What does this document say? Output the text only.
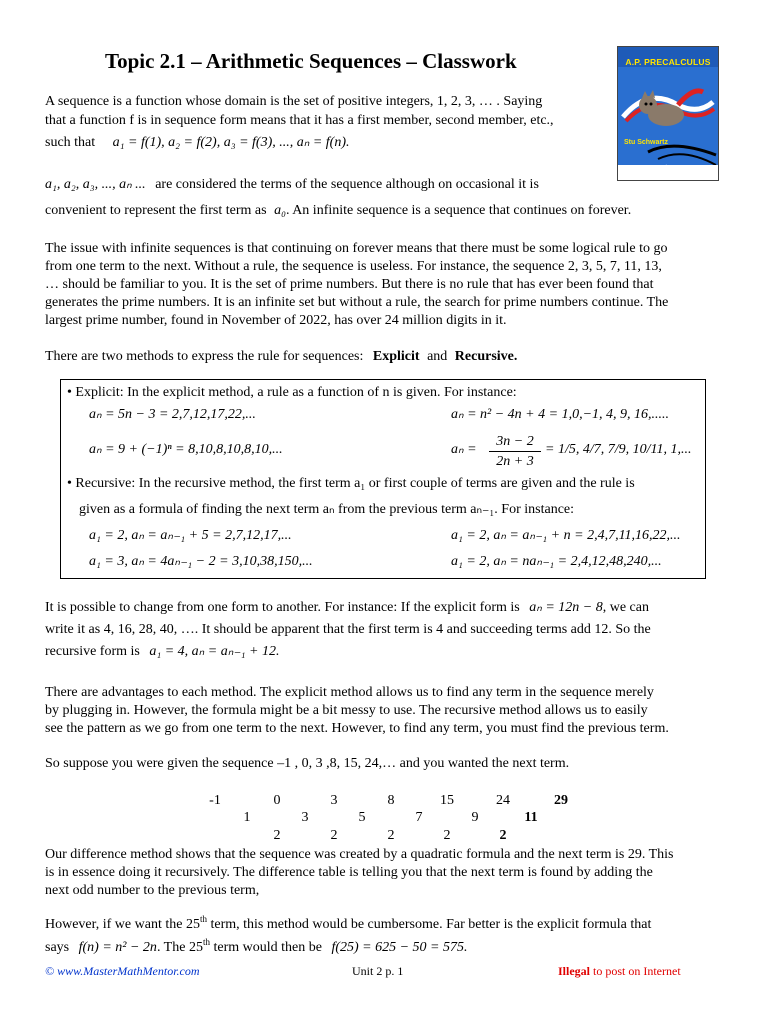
Topic 2.1 – Arithmetic Sequences – Classwork	A.P. PRECALCULUS
Stu Schwartz
MasterMathMentor.com
A sequence is a function whose domain is the set of positive integers, 1, 2, 3, … . Saying
that a function f is in sequence form means that it has a first member, second member, etc.,
such that a₁ = f(1), a₂ = f(2), a₃ = f(3), ..., aₙ = f(n).
a₁, a₂, a₃, ..., aₙ ... are considered the terms of the sequence although on occasional it is
convenient to represent the first term as a₀. An infinite sequence is a sequence that continues on forever.
The issue with infinite sequences is that continuing on forever means that there must be some logical rule to go
from one term to the next. Without a rule, the sequence is useless. For instance, the sequence 2, 3, 5, 7, 11, 13,
… should be familiar to you. It is the set of prime numbers. But there is no rule that has ever been found that
generates the prime numbers. It is an infinite set but without a rule, the search for prime numbers continue. The
largest prime number, found in November of 2022, has over 24 million digits in it.
There are two methods to express the rule for sequences: Explicit and Recursive.
• Explicit: In the explicit method, a rule as a function of n is given. For instance:
aₙ = 5n − 3 = 2,7,12,17,22,...	aₙ = n² − 4n + 4 = 1,0,−1, 4, 9, 16,.....
aₙ = 9 + (−1)ⁿ = 8,10,8,10,8,10,...	aₙ =
3n − 2
2n + 3
= 1/5, 4/7, 7/9, 10/11, 1,...
• Recursive: In the recursive method, the first term a₁ or first couple of terms are given and the rule is
given as a formula of finding the next term aₙ from the previous term aₙ₋₁. For instance:
a₁ = 2, aₙ = aₙ₋₁ + 5 = 2,7,12,17,...	a₁ = 2, aₙ = aₙ₋₁ + n = 2,4,7,11,16,22,...
a₁ = 3, aₙ = 4aₙ₋₁ − 2 = 3,10,38,150,...	a₁ = 2, aₙ = naₙ₋₁ = 2,4,12,48,240,...
It is possible to change from one form to another. For instance: If the explicit form is aₙ = 12n − 8, we can
write it as 4, 16, 28, 40, …. It should be apparent that the first term is 4 and succeeding terms add 12. So the
recursive form is a₁ = 4, aₙ = aₙ₋₁ + 12.
There are advantages to each method. The explicit method allows us to find any term in the sequence merely
by plugging in. However, the formula might be a bit messy to use. The recursive method allows us to easily
see the pattern as we go from one term to the next. However, to find any term, you must find the previous term.
So suppose you were given the sequence –1 , 0, 3 ,8, 15, 24,… and you wanted the next term.
-1	0	3	8	15	24	29
1	3	5	7	9	11
2	2	2	2	2
Our difference method shows that the sequence was created by a quadratic formula and the next term is 29. This
is in essence doing it recursively. The difference table is telling you that the next term is found by adding the
next odd number to the previous term,
However, if we want the 25th term, this method would be cumbersome. Far better is the explicit formula that
says f(n) = n² − 2n. The 25th term would then be f(25) = 625 − 50 = 575.
© www.MasterMathMentor.com	Unit 2 p. 1	Illegal to post on Internet
